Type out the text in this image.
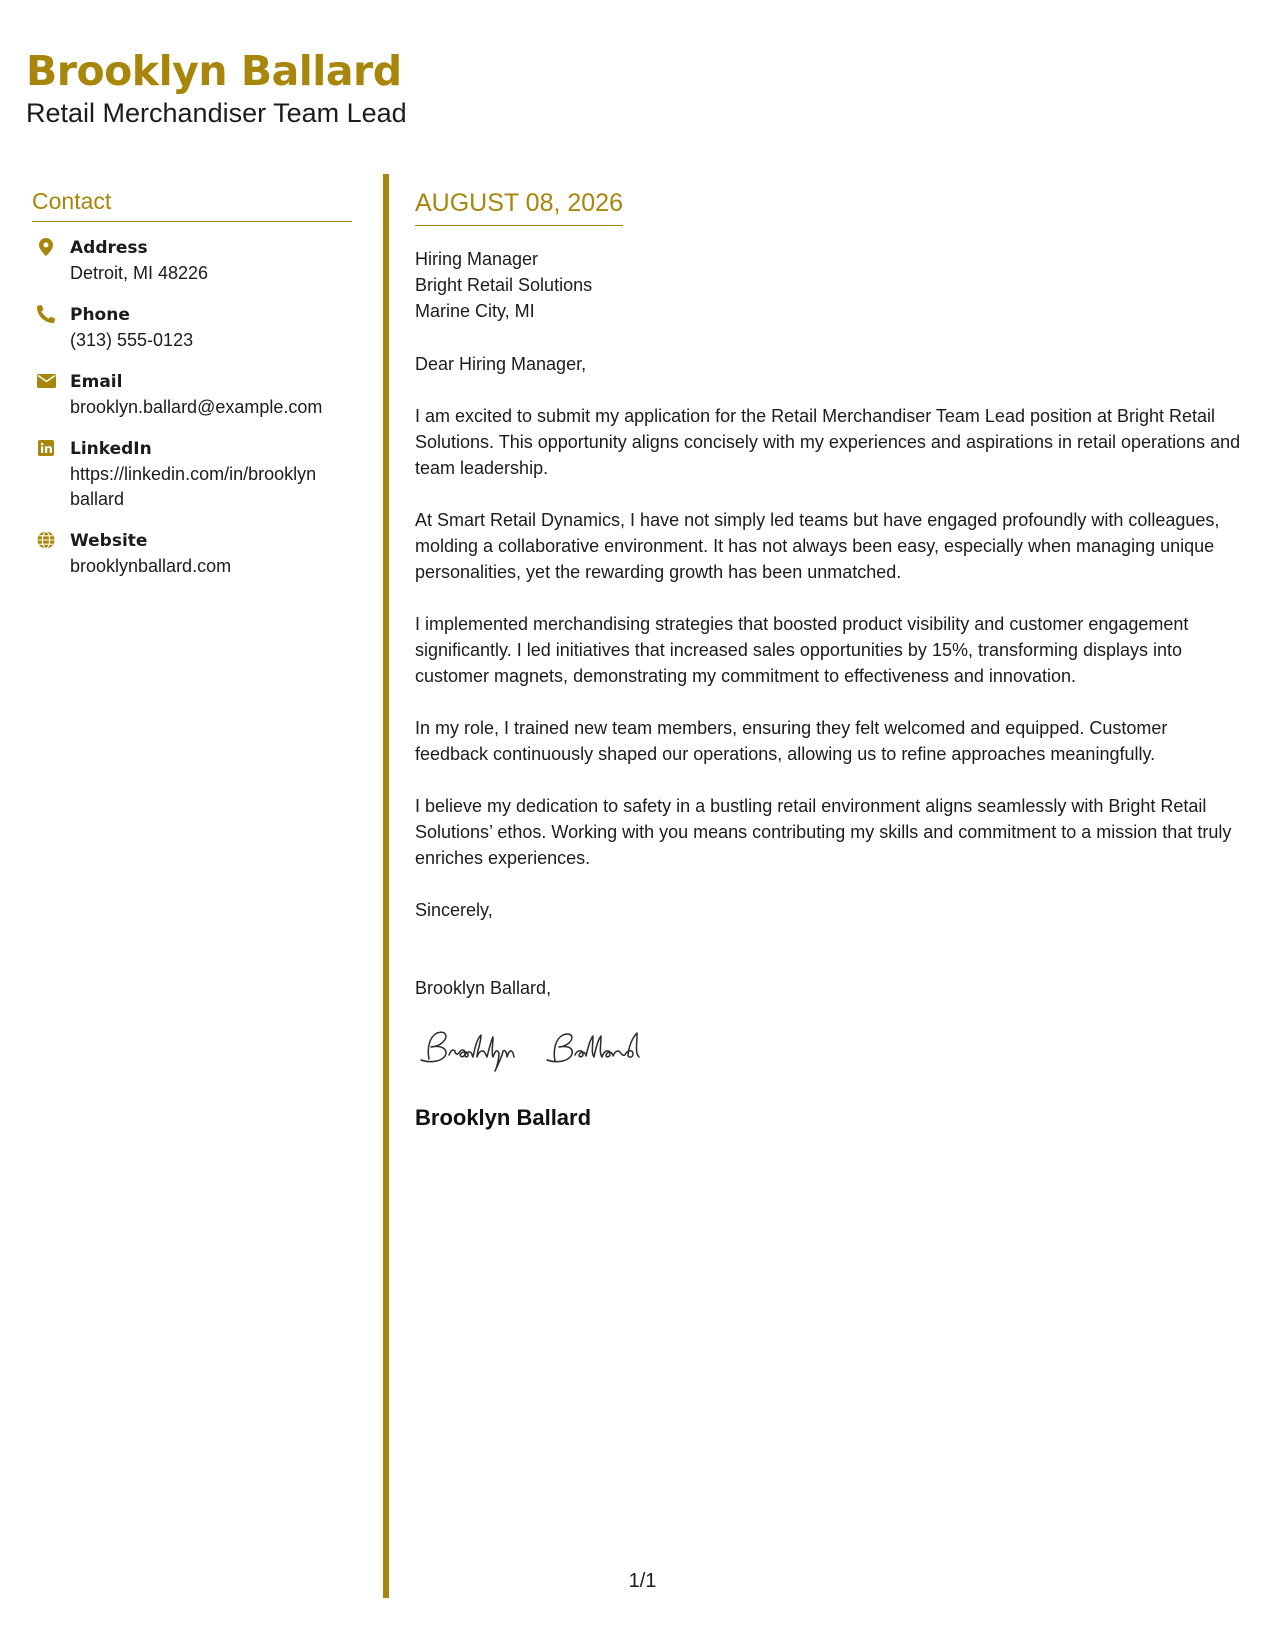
Brooklyn Ballard
Retail Merchandiser Team Lead
Contact
Address
Detroit, MI 48226
Phone
(313) 555-0123
Email
brooklyn.ballard@example.com
LinkedIn
https://linkedin.com/in/brooklyn
ballard
Website
brooklynballard.com
AUGUST 08, 2026
Hiring Manager
Bright Retail Solutions
Marine City, MI
Dear Hiring Manager,

I am excited to submit my application for the Retail Merchandiser Team Lead position at Bright Retail Solutions. This opportunity aligns concisely with my experiences and aspirations in retail operations and team leadership.

At Smart Retail Dynamics, I have not simply led teams but have engaged profoundly with colleagues, molding a collaborative environment. It has not always been easy, especially when managing unique personalities, yet the rewarding growth has been unmatched.

I implemented merchandising strategies that boosted product visibility and customer engagement significantly. I led initiatives that increased sales opportunities by 15%, transforming displays into customer magnets, demonstrating my commitment to effectiveness and innovation.

In my role, I trained new team members, ensuring they felt welcomed and equipped. Customer feedback continuously shaped our operations, allowing us to refine approaches meaningfully.

I believe my dedication to safety in a bustling retail environment aligns seamlessly with Bright Retail Solutions’ ethos. Working with you means contributing my skills and commitment to a mission that truly enriches experiences.

Sincerely,
Brooklyn Ballard,
Brooklyn Ballard
1/1
